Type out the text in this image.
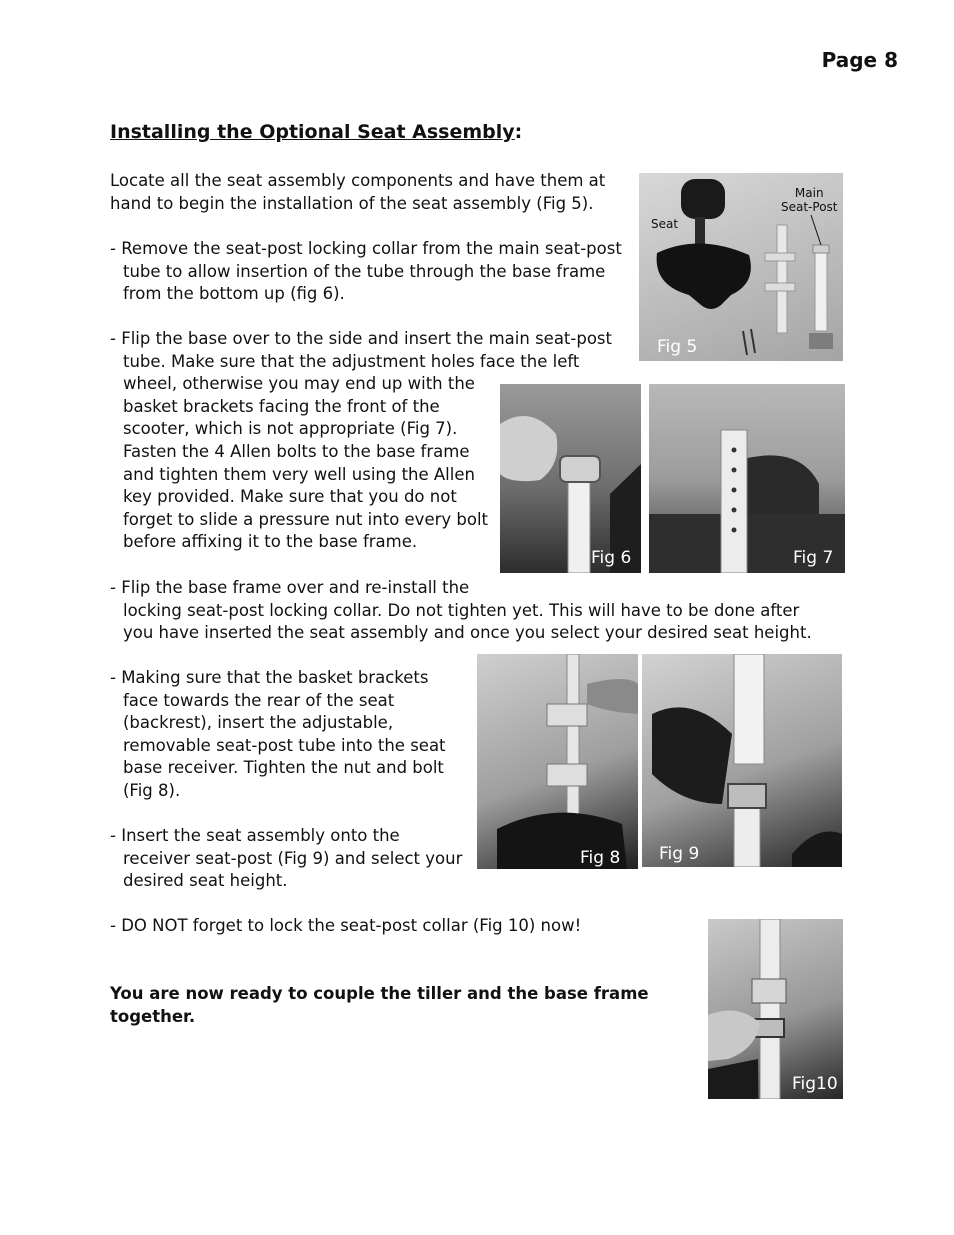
Page 8
Installing the Optional Seat Assembly:
Locate all the seat assembly components and have them at
hand to begin the installation of the seat assembly (Fig 5).
- Remove the seat-post locking collar from the main seat-post
tube to allow insertion of the tube through the base frame
from the bottom up (fig 6).
- Flip the base over to the side and insert the main seat-post
tube. Make sure that the adjustment holes face the left
wheel, otherwise you may end up with the
basket brackets facing the front of the
scooter, which is not appropriate (Fig 7).
Fasten the 4 Allen bolts to the base frame
and tighten them very well using the Allen
key provided. Make sure that you do not
forget to slide a pressure nut into every bolt
before affixing it to the base frame.
- Flip the base frame over and re-install the
locking seat-post locking collar. Do not tighten yet. This will have to be done after
you have inserted the seat assembly and once you select your desired seat height.
- Making sure that the basket brackets
face towards the rear of the seat
(backrest), insert the adjustable,
removable seat-post tube into the seat
base receiver. Tighten the nut and bolt
(Fig 8).
- Insert the seat assembly onto the
receiver seat-post (Fig 9) and select your
desired seat height.
- DO NOT forget to lock the seat-post collar (Fig 10) now!
You are now ready to couple the tiller and the base frame
together.
Seat
Main
Seat-Post
Fig 5
Fig 6	Fig 7
Fig 8 Fig 9
Fig10
